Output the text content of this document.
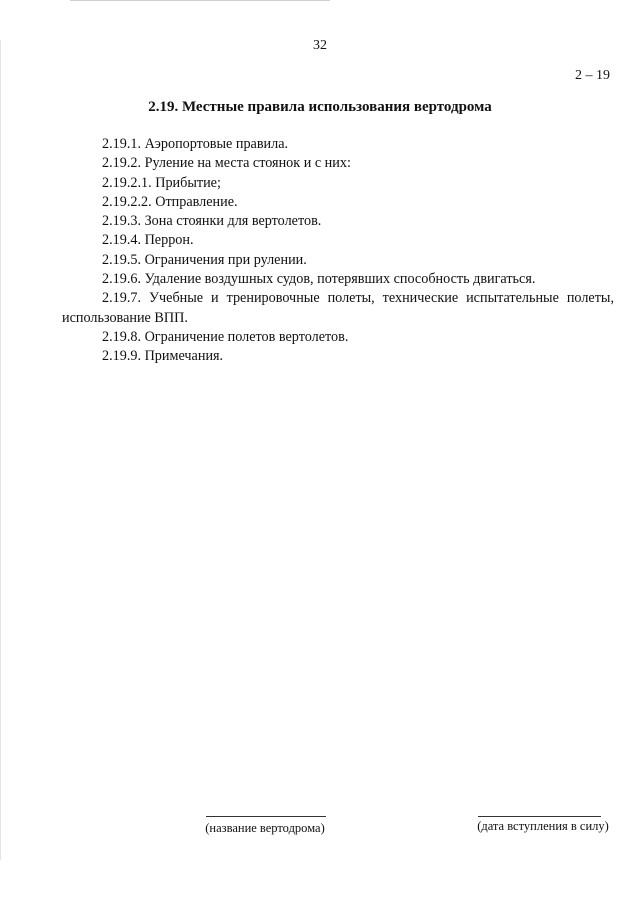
32
2 – 19
2.19. Местные правила использования вертодрома
2.19.1. Аэропортовые правила.
2.19.2. Руление на места стоянок и с них:
2.19.2.1. Прибытие;
2.19.2.2. Отправление.
2.19.3. Зона стоянки для вертолетов.
2.19.4. Перрон.
2.19.5. Ограничения при рулении.
2.19.6. Удаление воздушных судов, потерявших способность двигаться.
2.19.7. Учебные и тренировочные полеты, технические испытательные полеты, использование ВПП.
2.19.8. Ограничение полетов вертолетов.
2.19.9. Примечания.
(название вертодрома)	(дата вступления в силу)
